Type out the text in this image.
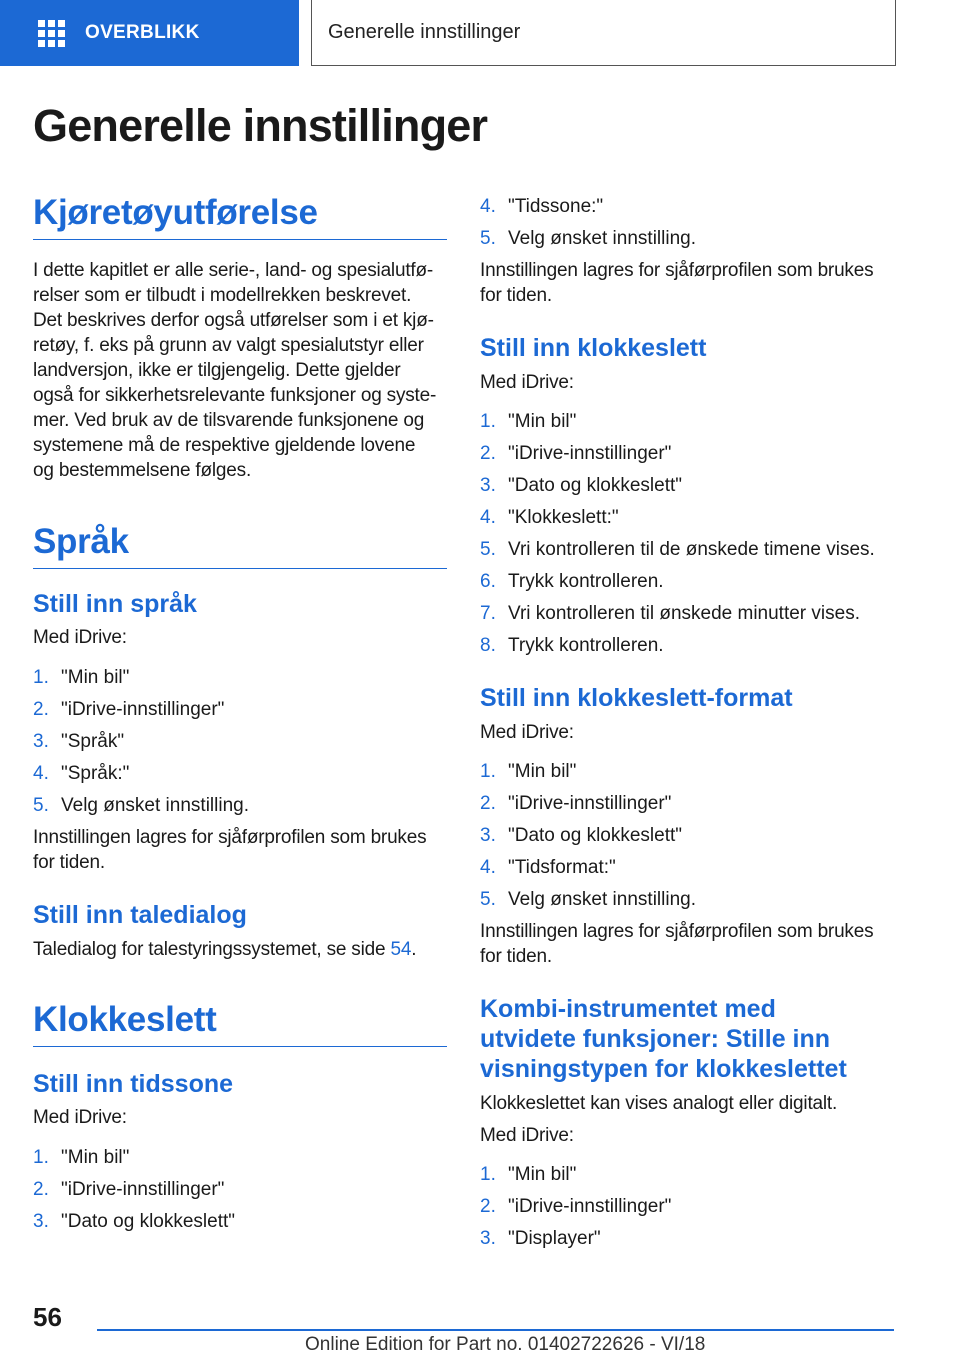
OVERBLIKK	Generelle innstillinger
Generelle innstillinger
Kjøretøyutførelse
I dette kapitlet er alle serie-, land- og spesialutfø‐
relser som er tilbudt i modellrekken beskrevet.
Det beskrives derfor også utførelser som i et kjø‐
retøy, f. eks på grunn av valgt spesialutstyr eller
landversjon, ikke er tilgjengelig. Dette gjelder
også for sikkerhetsrelevante funksjoner og syste‐
mer. Ved bruk av de tilsvarende funksjonene og
systemene må de respektive gjeldende lovene
og bestemmelsene følges.
Språk
Still inn språk
Med iDrive:
1. "Min bil"
2. "iDrive-innstillinger"
3. "Språk"
4. "Språk:"
5. Velg ønsket innstilling.
Innstillingen lagres for sjåførprofilen som brukes
for tiden.
Still inn taledialog
Taledialog for talestyringssystemet, se side 54.
Klokkeslett
Still inn tidssone
Med iDrive:
1. "Min bil"
2. "iDrive-innstillinger"
3. "Dato og klokkeslett"
4. "Tidssone:"
5. Velg ønsket innstilling.
Innstillingen lagres for sjåførprofilen som brukes
for tiden.
Still inn klokkeslett
Med iDrive:
1. "Min bil"
2. "iDrive-innstillinger"
3. "Dato og klokkeslett"
4. "Klokkeslett:"
5. Vri kontrolleren til de ønskede timene vises.
6. Trykk kontrolleren.
7. Vri kontrolleren til ønskede minutter vises.
8. Trykk kontrolleren.
Still inn klokkeslett-format
Med iDrive:
1. "Min bil"
2. "iDrive-innstillinger"
3. "Dato og klokkeslett"
4. "Tidsformat:"
5. Velg ønsket innstilling.
Innstillingen lagres for sjåførprofilen som brukes
for tiden.
Kombi-instrumentet med
utvidete funksjoner: Stille inn
visningstypen for klokkeslettet
Klokkeslettet kan vises analogt eller digitalt.
Med iDrive:
1. "Min bil"
2. "iDrive-innstillinger"
3. "Displayer"
56
Online Edition for Part no. 01402722626 - VI/18
